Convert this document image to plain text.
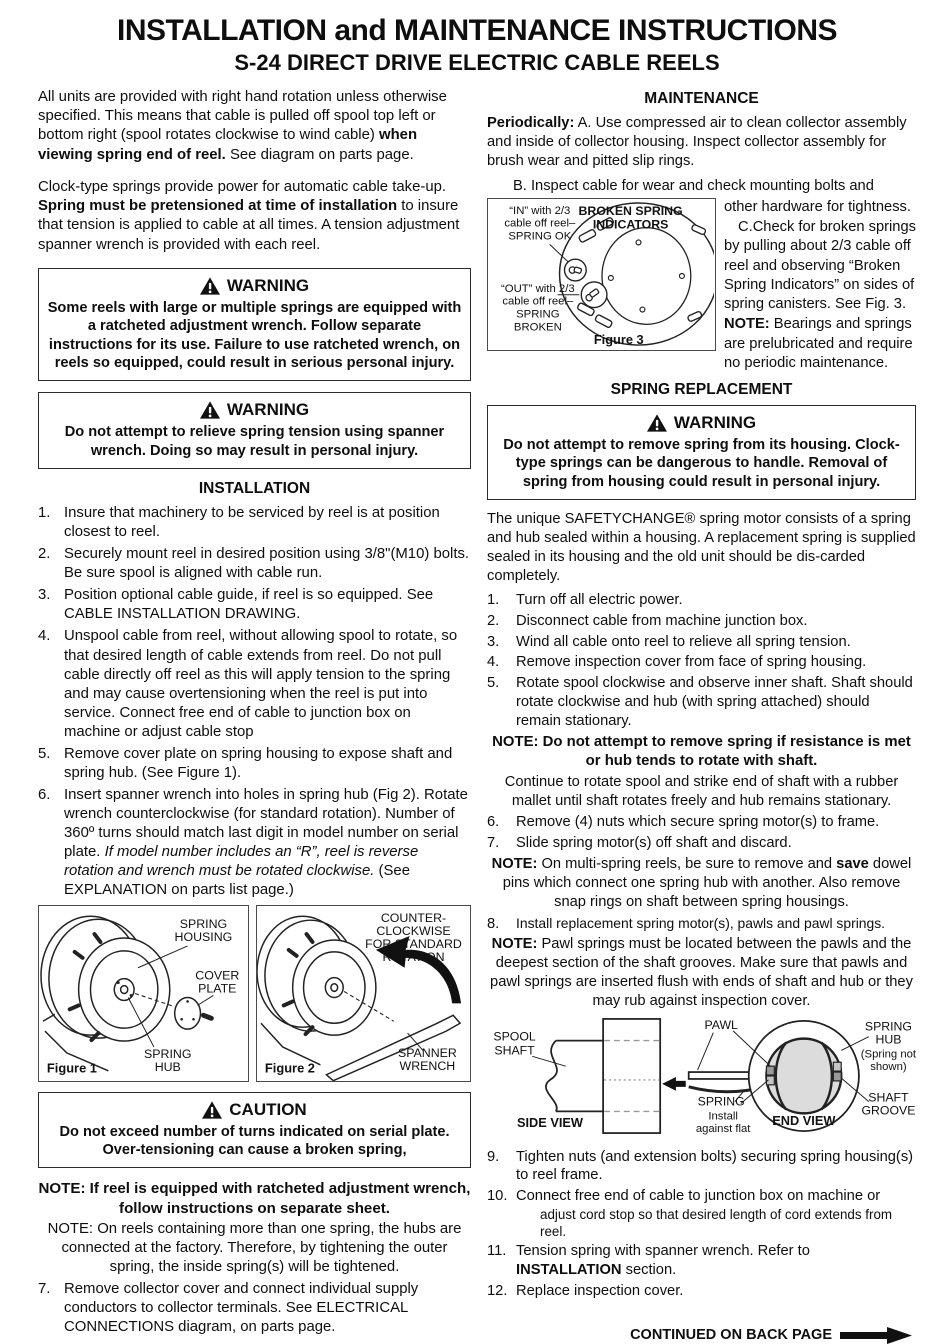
INSTALLATION and MAINTENANCE INSTRUCTIONS
S-24 DIRECT DRIVE ELECTRIC CABLE REELS

All units are provided with right hand rotation unless otherwise specified. This means that cable is pulled off spool top left or bottom right (spool rotates clockwise to wind cable) when viewing spring end of reel. See diagram on parts page.

Clock-type springs provide power for automatic cable take-up. Spring must be pretensioned at time of installation to insure that tension is applied to cable at all times. A tension adjustment spanner wrench is provided with each reel.

WARNING
Some reels with large or multiple springs are equipped with a ratcheted adjustment wrench. Follow separate instructions for its use. Failure to use ratcheted wrench, on reels so equipped, could result in serious personal injury.
WARNING
Do not attempt to relieve spring tension using spanner wrench. Doing so may result in personal injury.
INSTALLATION
1. Insure that machinery to be serviced by reel is at position closest to reel.
2. Securely mount reel in desired position using 3/8"(M10) bolts. Be sure spool is aligned with cable run.
3. Position optional cable guide, if reel is so equipped. See CABLE INSTALLATION DRAWING.
4. Unspool cable from reel, without allowing spool to rotate, so that desired length of cable extends from reel. Do not pull cable directly off reel as this will apply tension to the spring and may cause overtensioning when the reel is put into service. Connect free end of cable to junction box on machine or adjust cable stop
5. Remove cover plate on spring housing to expose shaft and spring hub. (See Figure 1).
6. Insert spanner wrench into holes in spring hub (Fig 2). Rotate wrench counterclockwise (for standard rotation). Number of 360º turns should match last digit in model number on serial plate. If model number includes an “R”, reel is reverse rotation and wrench must be rotated clockwise. (See EXPLANATION on parts list page.)
SPRING
HOUSING
COVER
PLATE
SPRING
HUB
Figure 1
COUNTER-
CLOCKWISE
FOR STANDARD
ROTATION
SPANNER
WRENCH
Figure 2
CAUTION
Do not exceed number of turns indicated on serial plate. Over-tensioning can cause a broken spring,

NOTE: If reel is equipped with ratcheted adjustment wrench, follow instructions on separate sheet.

NOTE: On reels containing more than one spring, the hubs are connected at the factory. Therefore, by tightening the outer spring, the inside spring(s) will be tightened.

7. Remove collector cover and connect individual supply conductors to collector terminals. See ELECTRICAL CONNECTIONS diagram, on parts page.
MAINTENANCE

Periodically: A. Use compressed air to clean collector assembly and inside of collector housing. Inspect collector assembly for brush wear and pitted slip rings.

B. Inspect cable for wear and check mounting bolts and

“IN” with 2/3
cable off reel–
SPRING OK
“OUT” with 2/3
cable off reel–
SPRING
BROKEN
BROKEN SPRING
INDICATORS
Figure 3

other hardware for tightness.

C.Check for broken springs by pulling about 2/3 cable off reel and observing “Broken Spring Indicators” on sides of spring canisters. See Fig. 3.

NOTE: Bearings and springs are prelubricated and require no periodic maintenance.

SPRING REPLACEMENT
WARNING
Do not attempt to remove spring from its housing. Clock-type springs can be dangerous to handle. Removal of spring from housing could result in personal injury.

The unique SAFETYCHANGE® spring motor consists of a spring and hub sealed within a housing. A replacement spring is supplied sealed in its housing and the old unit should be dis-carded completely.

1.	Turn off all electric power.
2.	Disconnect cable from machine junction box.
3.	Wind all cable onto reel to relieve all spring tension.
4.	Remove inspection cover from face of spring housing.
5.	Rotate spool clockwise and observe inner shaft. Shaft should rotate clockwise and hub (with spring attached) should remain stationary.

NOTE: Do not attempt to remove spring if resistance is met or hub tends to rotate with shaft.

Continue to rotate spool and strike end of shaft with a rubber mallet until shaft rotates freely and hub remains stationary.

6.	Remove (4) nuts which secure spring motor(s) to frame.
7.	Slide spring motor(s) off shaft and discard.

NOTE: On multi-spring reels, be sure to remove and save dowel pins which connect one spring hub with another. Also remove snap rings on shaft between spring housings.

8.	Install replacement spring motor(s), pawls and pawl springs.

NOTE: Pawl springs must be located between the pawls and the deepest section of the shaft grooves. Make sure that pawls and pawl springs are inserted flush with ends of shaft and hub or they may rub against inspection cover.

SPOOL
SHAFT
PAWL
SPRING
Install
against flat
SPRING
HUB
(Spring not
shown)
SHAFT
GROOVE
SIDE VIEW	END VIEW
9.	Tighten nuts (and extension bolts) securing spring housing(s) to reel frame.
10. Connect free end of cable to junction box on machine or
adjust cord stop so that desired length of cord extends from reel.
11. Tension spring with spanner wrench. Refer to INSTALLATION section.
12. Replace inspection cover.
CONTINUED ON BACK PAGE
